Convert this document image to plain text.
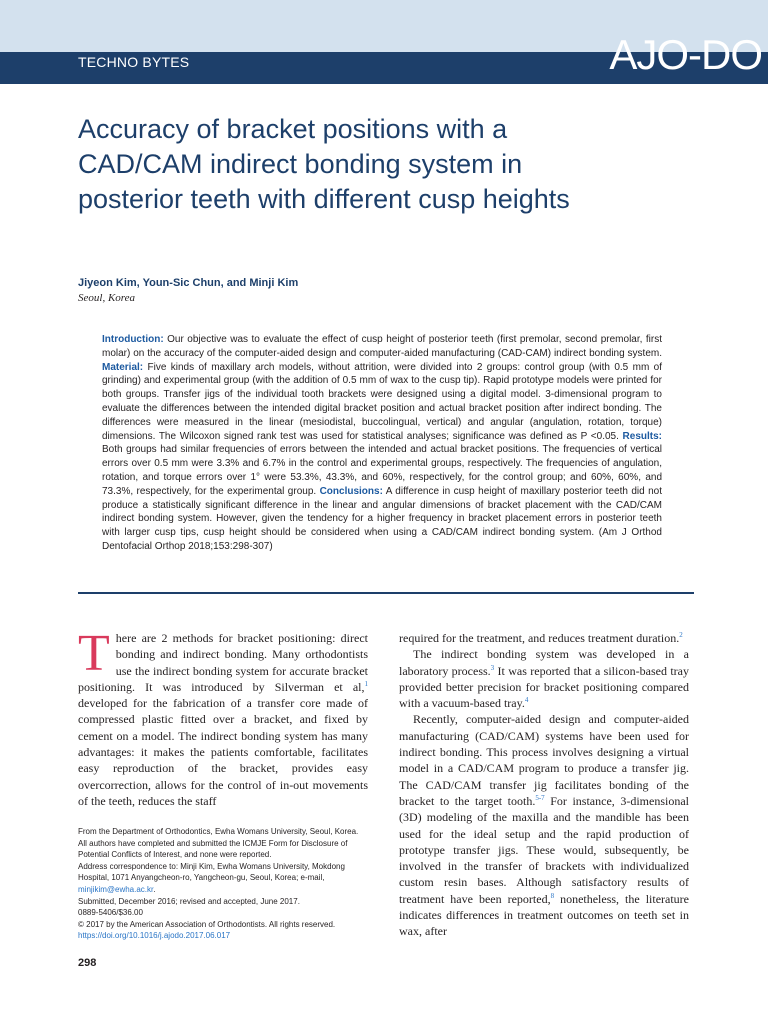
TECHNO BYTES	AJO-DO
Accuracy of bracket positions with a CAD/CAM indirect bonding system in posterior teeth with different cusp heights
Jiyeon Kim, Youn-Sic Chun, and Minji Kim
Seoul, Korea
Introduction: Our objective was to evaluate the effect of cusp height of posterior teeth (first premolar, second premolar, first molar) on the accuracy of the computer-aided design and computer-aided manufacturing (CAD-CAM) indirect bonding system. Material: Five kinds of maxillary arch models, without attrition, were divided into 2 groups: control group (with 0.5 mm of grinding) and experimental group (with the addition of 0.5 mm of wax to the cusp tip). Rapid prototype models were printed for both groups. Transfer jigs of the individual tooth brackets were designed using a digital model. 3-dimensional program to evaluate the differences between the intended digital bracket position and actual bracket position after indirect bonding. The differences were measured in the linear (mesiodistal, buccolingual, vertical) and angular (angulation, rotation, torque) dimensions. The Wilcoxon signed rank test was used for statistical analyses; significance was defined as P <0.05. Results: Both groups had similar frequencies of errors between the intended and actual bracket positions. The frequencies of vertical errors over 0.5 mm were 3.3% and 6.7% in the control and experimental groups, respectively. The frequencies of angulation, rotation, and torque errors over 1° were 53.3%, 43.3%, and 60%, respectively, for the control group; and 60%, 60%, and 73.3%, respectively, for the experimental group. Conclusions: A difference in cusp height of maxillary posterior teeth did not produce a statistically significant difference in the linear and angular dimensions of bracket placement with the CAD/CAM indirect bonding system. However, given the tendency for a higher frequency in bracket placement errors in posterior teeth with larger cusp tips, cusp height should be considered when using a CAD/CAM indirect bonding system. (Am J Orthod Dentofacial Orthop 2018;153:298-307)

There are 2 methods for bracket positioning: direct bonding and indirect bonding. Many orthodontists use the indirect bonding system for accurate bracket positioning. It was introduced by Silverman et al,$^1$ developed for the fabrication of a transfer core made of compressed plastic fitted over a bracket, and fixed by cement on a model. The indirect bonding system has many advantages: it makes the patients comfortable, facilitates easy reproduction of the bracket, provides easy overcorrection, allows for the control of in-out movements of the teeth, reduces the staff

required for the treatment, and reduces treatment duration.$^2$

The indirect bonding system was developed in a laboratory process.$^3$ It was reported that a silicon-based tray provided better precision for bracket positioning compared with a vacuum-based tray.$^4$

Recently, computer-aided design and computer-aided manufacturing (CAD/CAM) systems have been used for indirect bonding. This process involves designing a virtual model in a CAD/CAM program to produce a transfer jig. The CAD/CAM transfer jig facilitates bonding of the bracket to the target tooth.$^{5-7}$ For instance, 3-dimensional (3D) modeling of the maxilla and the mandible has been used for the ideal setup and the rapid production of prototype transfer jigs. These would, subsequently, be involved in the transfer of brackets with individualized custom resin bases. Although satisfactory results of treatment have been reported,$^8$ nonetheless, the literature indicates differences in treatment outcomes on teeth set in wax, after

From the Department of Orthodontics, Ewha Womans University, Seoul, Korea.

All authors have completed and submitted the ICMJE Form for Disclosure of Potential Conflicts of Interest, and none were reported.

Address correspondence to: Minji Kim, Ewha Womans University, Mokdong Hospital, 1071 Anyangcheon-ro, Yangcheon-gu, Seoul, Korea; e-mail, minjikim@ewha.ac.kr.

Submitted, December 2016; revised and accepted, June 2017.

0889-5406/$36.00

© 2017 by the American Association of Orthodontists. All rights reserved.

https://doi.org/10.1016/j.ajodo.2017.06.017

298
